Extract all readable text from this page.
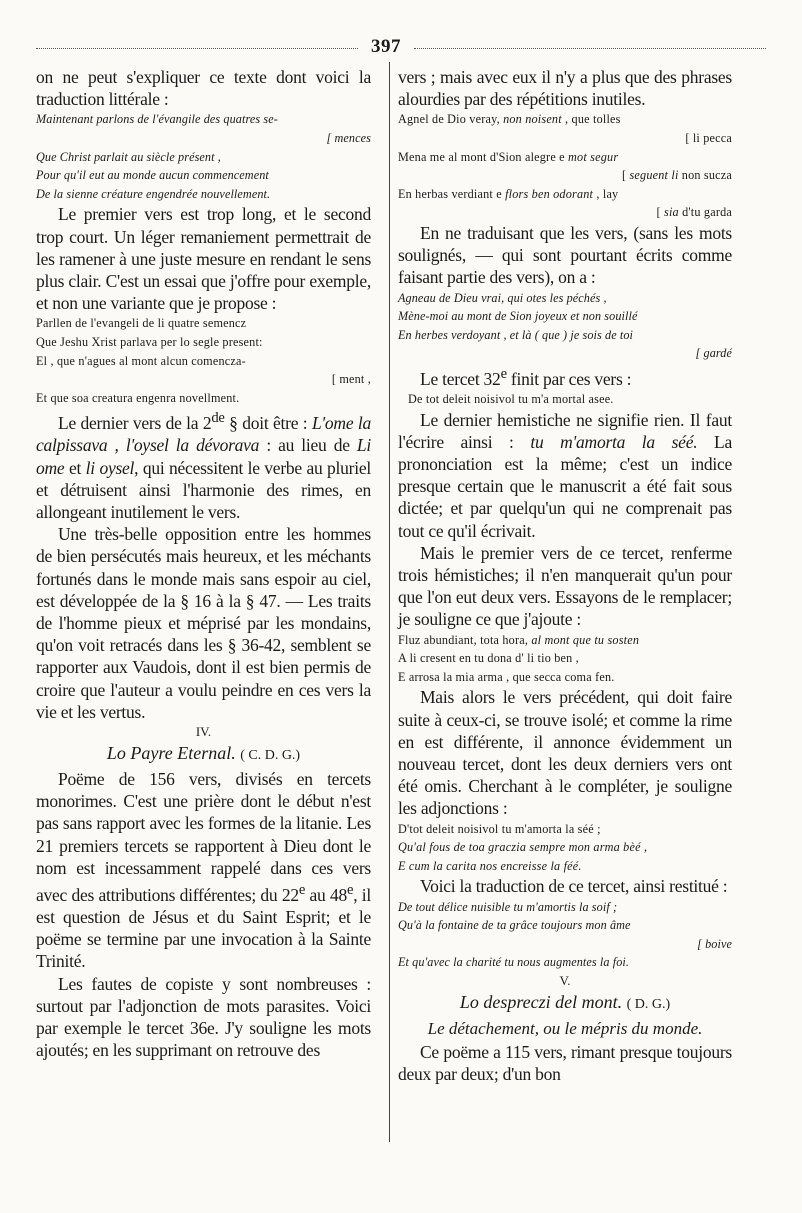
397

on ne peut s'expliquer ce texte dont voici la traduction littérale :

Maintenant parlons de l'évangile des quatres se-

[ mences

Que Christ parlait au siècle présent ,

Pour qu'il eut au monde aucun commencement

De la sienne créature engendrée nouvellement.

Le premier vers est trop long, et le second trop court. Un léger remaniement permettrait de les ramener à une juste mesure en rendant le sens plus clair. C'est un essai que j'offre pour exemple, et non une variante que je propose :

Parllen de l'evangeli de li quatre semencz

Que Jeshu Xrist parlava per lo segle present:

El , que n'agues al mont alcun comencza-

[ ment ,

Et que soa creatura engenra novellment.

Le dernier vers de la 2de § doit être : L'ome la calpissava , l'oysel la dévorava : au lieu de Li ome et li oysel, qui nécessitent le verbe au pluriel et détruisent ainsi l'harmonie des rimes, en allongeant inutilement le vers.

Une très-belle opposition entre les hommes de bien persécutés mais heureux, et les méchants fortunés dans le monde mais sans espoir au ciel, est développée de la § 16 à la § 47. — Les traits de l'homme pieux et méprisé par les mondains, qu'on voit retracés dans les § 36-42, semblent se rapporter aux Vaudois, dont il est bien permis de croire que l'auteur a voulu peindre en ces vers la vie et les vertus.

IV.

Lo Payre Eternal. ( C. D. G.)

Poëme de 156 vers, divisés en tercets monorimes. C'est une prière dont le début n'est pas sans rapport avec les formes de la litanie. Les 21 premiers tercets se rapportent à Dieu dont le nom est incessamment rappelé dans ces vers avec des attributions différentes; du 22e au 48e, il est question de Jésus et du Saint Esprit; et le poëme se termine par une invocation à la Sainte Trinité.

Les fautes de copiste y sont nombreuses : surtout par l'adjonction de mots parasites. Voici par exemple le tercet 36e. J'y souligne les mots ajoutés; en les supprimant on retrouve des

vers ; mais avec eux il n'y a plus que des phrases alourdies par des répétitions inutiles.

Agnel de Dio veray, non noisent , que tolles

[ li pecca

Mena me al mont d'Sion alegre e mot segur

[ seguent li non sucza

En herbas verdiant e flors ben odorant , lay

[ sia d'tu garda

En ne traduisant que les vers, (sans les mots soulignés, — qui sont pourtant écrits comme faisant partie des vers), on a :

Agneau de Dieu vrai, qui otes les péchés ,

Mène-moi au mont de Sion joyeux et non souillé

En herbes verdoyant , et là ( que ) je sois de toi

[ gardé

Le tercet 32e finit par ces vers :

De tot deleit noisivol tu m'a mortal asee.

Le dernier hemistiche ne signifie rien. Il faut l'écrire ainsi : tu m'amorta la séé. La prononciation est la même; c'est un indice presque certain que le manuscrit a été fait sous dictée; et par quelqu'un qui ne comprenait pas tout ce qu'il écrivait.

Mais le premier vers de ce tercet, renferme trois hémistiches; il n'en manquerait qu'un pour que l'on eut deux vers. Essayons de le remplacer; je souligne ce que j'ajoute :

Fluz abundiant, tota hora, al mont que tu sosten

A li cresent en tu dona d' li tio ben ,

E arrosa la mia arma , que secca coma fen.

Mais alors le vers précédent, qui doit faire suite à ceux-ci, se trouve isolé; et comme la rime en est différente, il annonce évidemment un nouveau tercet, dont les deux derniers vers ont été omis. Cherchant à le compléter, je souligne les adjonctions :

D'tot deleit noisivol tu m'amorta la séé ;

Qu'al fous de toa graczia sempre mon arma bèé ,

E cum la carita nos encreisse la féé.

Voici la traduction de ce tercet, ainsi restitué :

De tout délice nuisible tu m'amortis la soif ;

Qu'à la fontaine de ta grâce toujours mon âme

[ boive

Et qu'avec la charité tu nous augmentes la foi.

V.

Lo despreczi del mont. ( D. G.)

Le détachement, ou le mépris du monde.

Ce poëme a 115 vers, rimant presque toujours deux par deux; d'un bon
